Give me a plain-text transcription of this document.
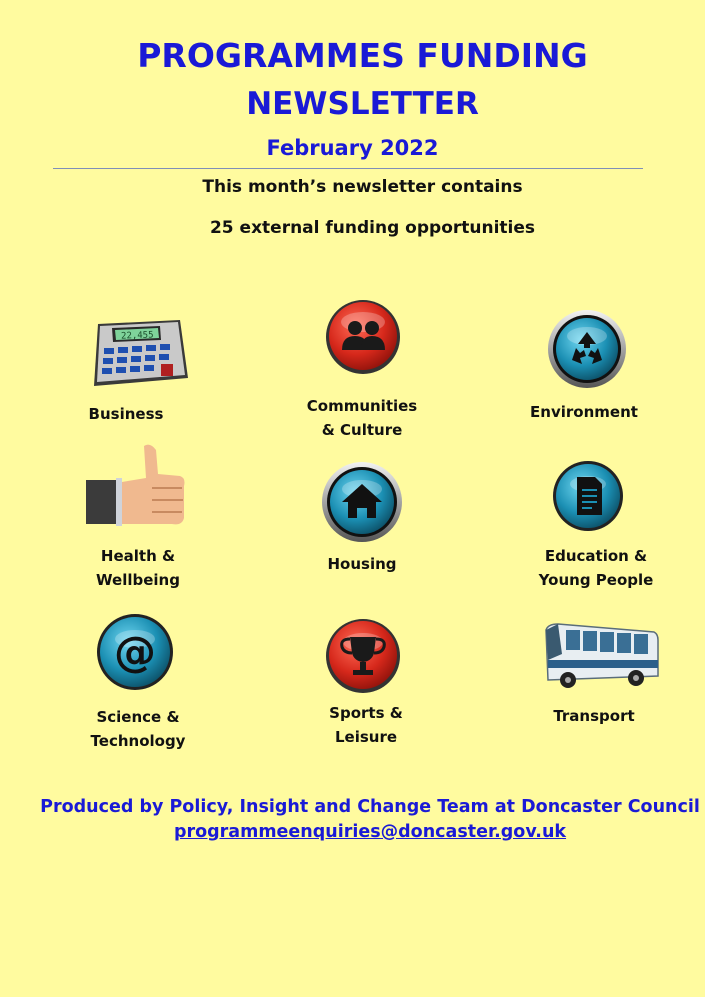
PROGRAMMES FUNDING
NEWSLETTER
February 2022
This month’s newsletter contains
25 external funding opportunities
22,455
Business	Communities
& Culture
Environment
Health &
Wellbeing
Housing	Education &
Young People
@
Science &
Technology
Sports &
Leisure
Transport
Produced by Policy, Insight and Change Team at Doncaster Council
programmeenquiries@doncaster.gov.uk
